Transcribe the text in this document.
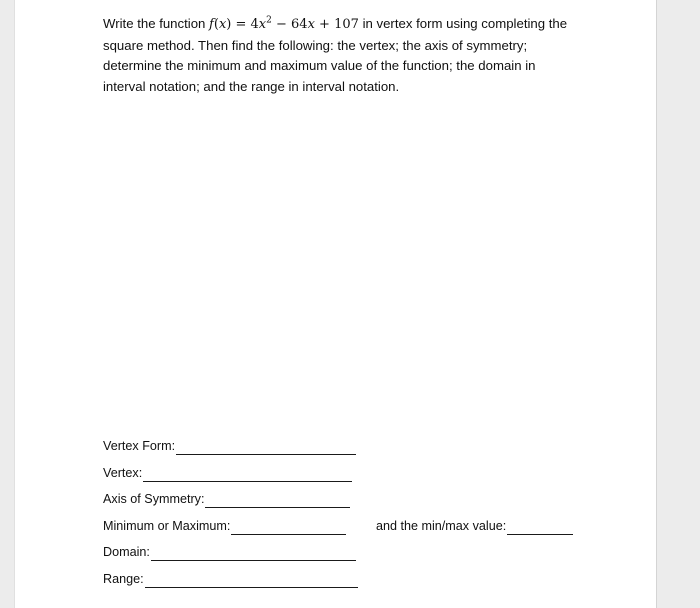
Write the function $f(x) = 4x^2 - 64x + 107$ in vertex form using completing the square method. Then find the following: the vertex; the axis of symmetry; determine the minimum and maximum value of the function; the domain in interval notation; and the range in interval notation.
Vertex Form:
Vertex:
Axis of Symmetry:
Minimum or Maximum:	and the min/max value:
Domain:
Range:
